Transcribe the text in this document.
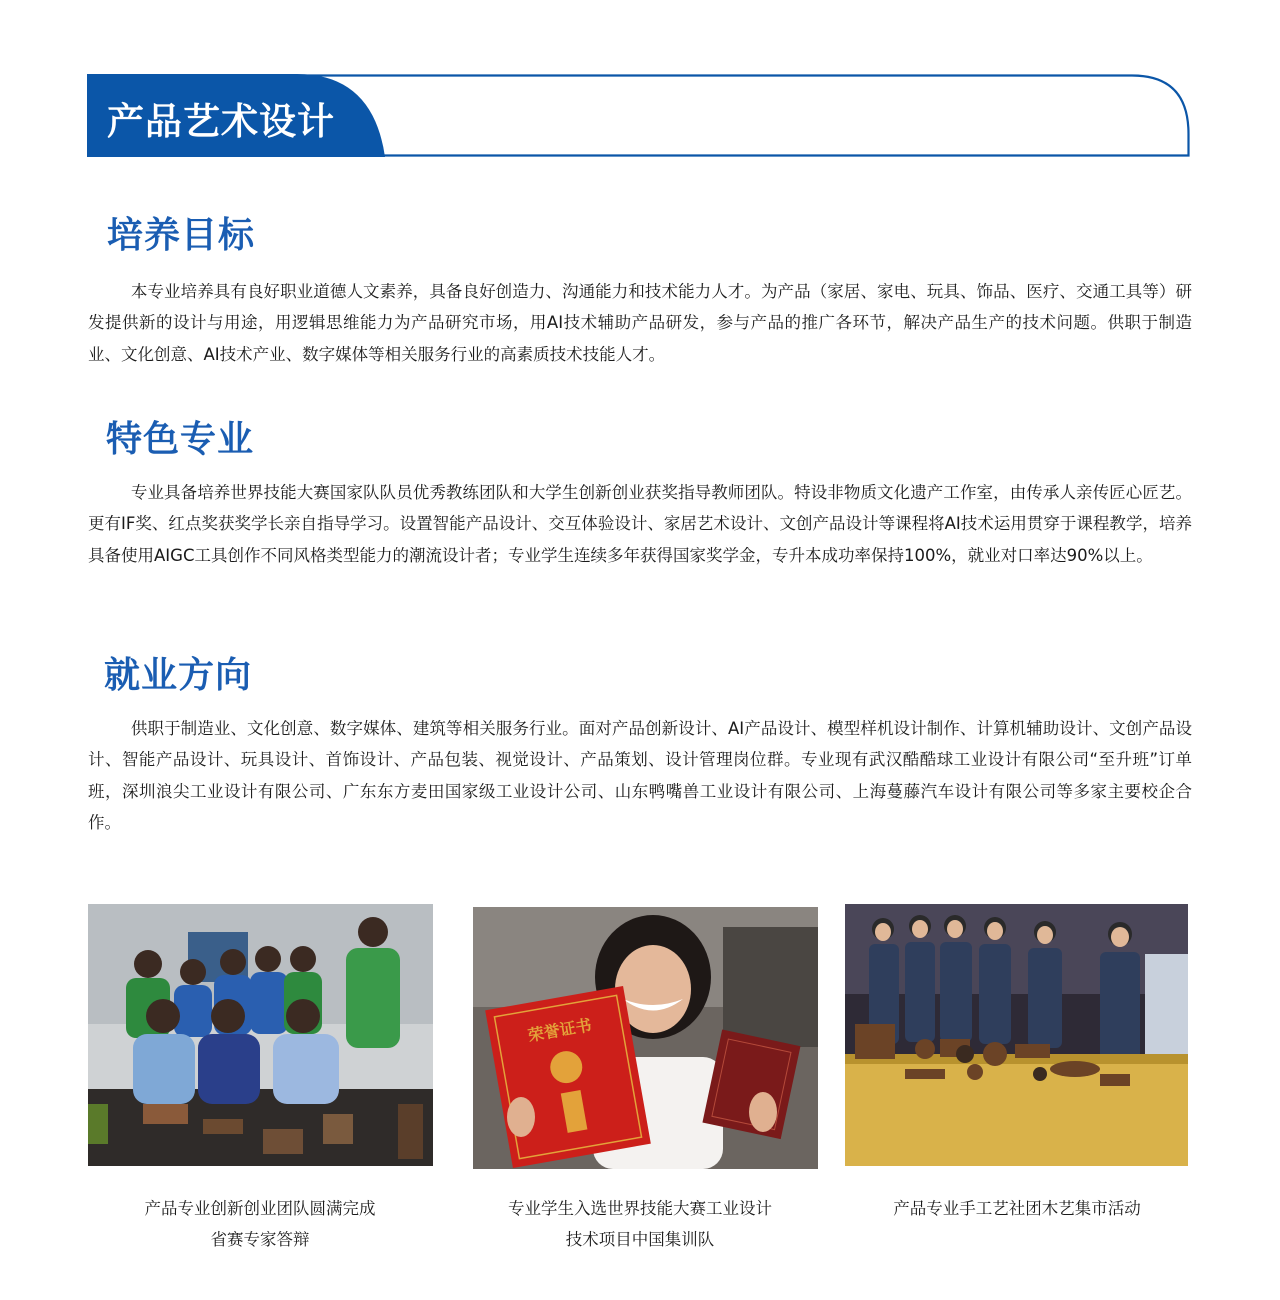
产品艺术设计
培养目标
本专业培养具有良好职业道德人文素养，具备良好创造力、沟通能力和技术能力人才。为产品（家居、家电、玩具、饰品、医疗、交通工具等）研发提供新的设计与用途，用逻辑思维能力为产品研究市场，用AI技术辅助产品研发，参与产品的推广各环节，解决产品生产的技术问题。供职于制造业、文化创意、AI技术产业、数字媒体等相关服务行业的高素质技术技能人才。
特色专业
专业具备培养世界技能大赛国家队队员优秀教练团队和大学生创新创业获奖指导教师团队。特设非物质文化遗产工作室，由传承人亲传匠心匠艺。更有IF奖、红点奖获奖学长亲自指导学习。设置智能产品设计、交互体验设计、家居艺术设计、文创产品设计等课程将AI技术运用贯穿于课程教学，培养具备使用AIGC工具创作不同风格类型能力的潮流设计者；专业学生连续多年获得国家奖学金，专升本成功率保持100%，就业对口率达90%以上。
就业方向
供职于制造业、文化创意、数字媒体、建筑等相关服务行业。面对产品创新设计、AI产品设计、模型样机设计制作、计算机辅助设计、文创产品设计、智能产品设计、玩具设计、首饰设计、产品包装、视觉设计、产品策划、设计管理岗位群。专业现有武汉酷酷球工业设计有限公司“至升班”订单班，深圳浪尖工业设计有限公司、广东东方麦田国家级工业设计公司、山东鸭嘴兽工业设计有限公司、上海蔓藤汽车设计有限公司等多家主要校企合作。
产品专业创新创业团队圆满完成
省赛专家答辩
荣誉证书
专业学生入选世界技能大赛工业设计
技术项目中国集训队
产品专业手工艺社团木艺集市活动
